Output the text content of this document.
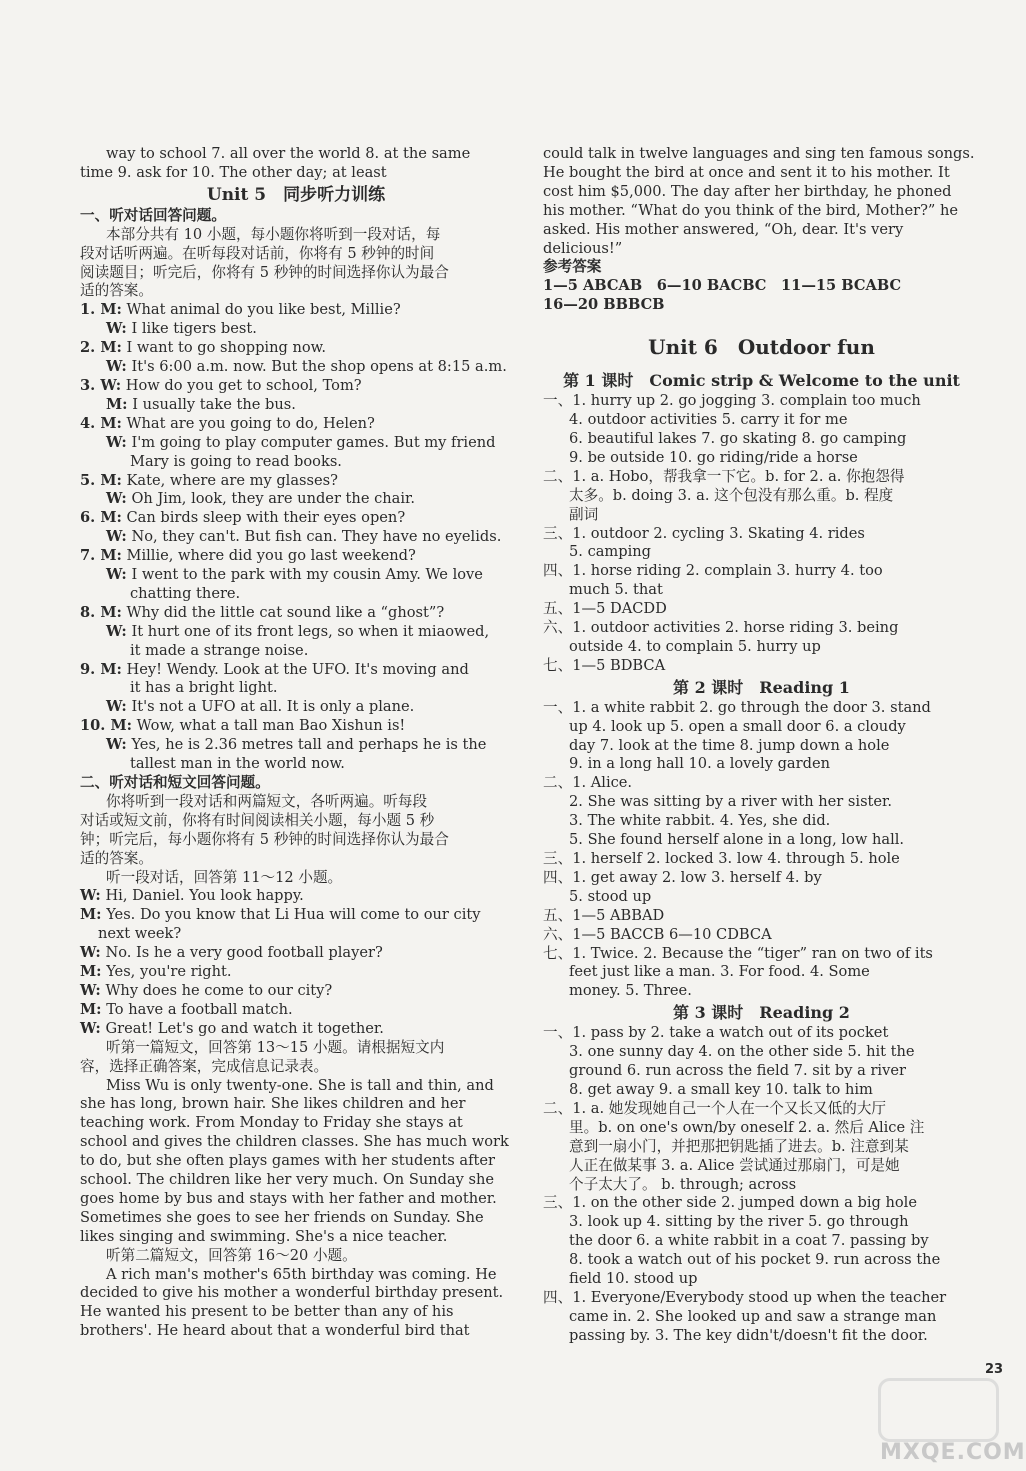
way to school 7. all over the world 8. at the same
time 9. ask for 10. The other day; at least
Unit 5　同步听力训练
一、听对话回答问题。
本部分共有 10 小题，每小题你将听到一段对话，每
段对话听两遍。在听每段对话前，你将有 5 秒钟的时间
阅读题目；听完后，你将有 5 秒钟的时间选择你认为最合
适的答案。
1. M: What animal do you like best, Millie?
W: I like tigers best.
2. M: I want to go shopping now.
W: It's 6:00 a.m. now. But the shop opens at 8:15 a.m.
3. W: How do you get to school, Tom?
M: I usually take the bus.
4. M: What are you going to do, Helen?
W: I'm going to play computer games. But my friend
Mary is going to read books.
5. M: Kate, where are my glasses?
W: Oh Jim, look, they are under the chair.
6. M: Can birds sleep with their eyes open?
W: No, they can't. But fish can. They have no eyelids.
7. M: Millie, where did you go last weekend?
W: I went to the park with my cousin Amy. We love
chatting there.
8. M: Why did the little cat sound like a “ghost”?
W: It hurt one of its front legs, so when it miaowed,
it made a strange noise.
9. M: Hey! Wendy. Look at the UFO. It's moving and
it has a bright light.
W: It's not a UFO at all. It is only a plane.
10. M: Wow, what a tall man Bao Xishun is!
W: Yes, he is 2.36 metres tall and perhaps he is the
tallest man in the world now.
二、听对话和短文回答问题。
你将听到一段对话和两篇短文，各听两遍。听每段
对话或短文前，你将有时间阅读相关小题，每小题 5 秒
钟；听完后，每小题你将有 5 秒钟的时间选择你认为最合
适的答案。
听一段对话，回答第 11～12 小题。
W: Hi, Daniel. You look happy.
M: Yes. Do you know that Li Hua will come to our city
next week?
W: No. Is he a very good football player?
M: Yes, you're right.
W: Why does he come to our city?
M: To have a football match.
W: Great! Let's go and watch it together.
听第一篇短文，回答第 13～15 小题。请根据短文内
容，选择正确答案，完成信息记录表。
Miss Wu is only twenty-one. She is tall and thin, and
she has long, brown hair. She likes children and her
teaching work. From Monday to Friday she stays at
school and gives the children classes. She has much work
to do, but she often plays games with her students after
school. The children like her very much. On Sunday she
goes home by bus and stays with her father and mother.
Sometimes she goes to see her friends on Sunday. She
likes singing and swimming. She's a nice teacher.
听第二篇短文，回答第 16～20 小题。
A rich man's mother's 65th birthday was coming. He
decided to give his mother a wonderful birthday present.
He wanted his present to be better than any of his
brothers'. He heard about that a wonderful bird that
could talk in twelve languages and sing ten famous songs.
He bought the bird at once and sent it to his mother. It
cost him $5,000. The day after her birthday, he phoned
his mother. “What do you think of the bird, Mother?” he
asked. His mother answered, “Oh, dear. It's very
delicious!”
参考答案
1—5 ABCAB　6—10 BACBC　11—15 BCABC
16—20 BBBCB
Unit 6　Outdoor fun
第 1 课时　Comic strip & Welcome to the unit
一、1. hurry up 2. go jogging 3. complain too much
4. outdoor activities 5. carry it for me
6. beautiful lakes 7. go skating 8. go camping
9. be outside 10. go riding/ride a horse
二、1. a. Hobo，帮我拿一下它。b. for 2. a. 你抱怨得
太多。b. doing 3. a. 这个包没有那么重。b. 程度
副词
三、1. outdoor 2. cycling 3. Skating 4. rides
5. camping
四、1. horse riding 2. complain 3. hurry 4. too
much 5. that
五、1—5 DACDD
六、1. outdoor activities 2. horse riding 3. being
outside 4. to complain 5. hurry up
七、1—5 BDBCA
第 2 课时　Reading 1
一、1. a white rabbit 2. go through the door 3. stand
up 4. look up 5. open a small door 6. a cloudy
day 7. look at the time 8. jump down a hole
9. in a long hall 10. a lovely garden
二、1. Alice.
2. She was sitting by a river with her sister.
3. The white rabbit. 4. Yes, she did.
5. She found herself alone in a long, low hall.
三、1. herself 2. locked 3. low 4. through 5. hole
四、1. get away 2. low 3. herself 4. by
5. stood up
五、1—5 ABBAD
六、1—5 BACCB 6—10 CDBCA
七、1. Twice. 2. Because the “tiger” ran on two of its
feet just like a man. 3. For food. 4. Some
money. 5. Three.
第 3 课时　Reading 2
一、1. pass by 2. take a watch out of its pocket
3. one sunny day 4. on the other side 5. hit the
ground 6. run across the field 7. sit by a river
8. get away 9. a small key 10. talk to him
二、1. a. 她发现她自己一个人在一个又长又低的大厅
里。b. on one's own/by oneself 2. a. 然后 Alice 注
意到一扇小门，并把那把钥匙插了进去。b. 注意到某
人正在做某事 3. a. Alice 尝试通过那扇门，可是她
个子太大了。 b. through; across
三、1. on the other side 2. jumped down a big hole
3. look up 4. sitting by the river 5. go through
the door 6. a white rabbit in a coat 7. passing by
8. took a watch out of his pocket 9. run across the
field 10. stood up
四、1. Everyone/Everybody stood up when the teacher
came in. 2. She looked up and saw a strange man
passing by. 3. The key didn't/doesn't fit the door.
23
MXQE.COM
